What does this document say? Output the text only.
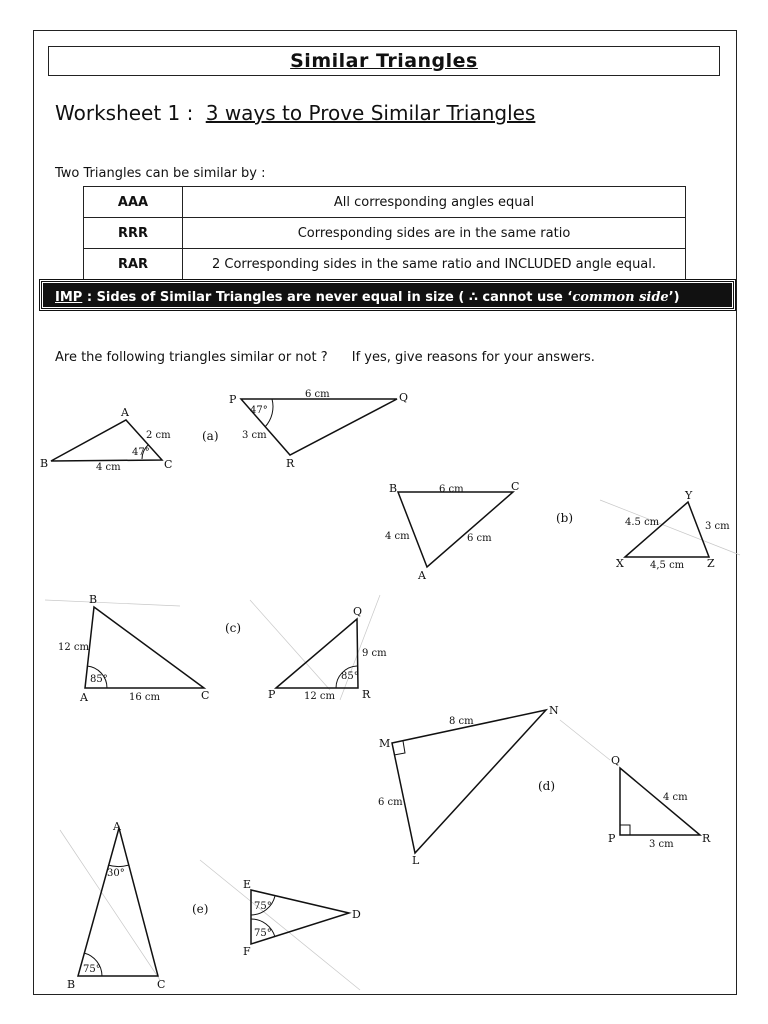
Similar Triangles
Worksheet 1 : 3 ways to Prove Similar Triangles
Two Triangles can be similar by :
AAA	All corresponding angles equal
RRR	Corresponding sides are in the same ratio
RAR	2 Corresponding sides in the same ratio and INCLUDED angle equal.
IMP : Sides of Similar Triangles are never equal in size ( ∴ cannot use ‘common side’)
Are the following triangles similar or not ? If yes, give reasons for your answers.
A
B	C
2 cm
4 cm
47°
(a)
P	Q
R
6 cm
3 cm
47°
B	C
A
6 cm
4 cm	6 cm
(b)
Y
X	Z
4.5 cm	3 cm
4,5 cm
B
A	C
12 cm
16 cm
85°
(c)
Q
P	R
9 cm
12 cm
85°
M
N
L
8 cm
6 cm
(d)
Q
P	R
4 cm
3 cm
A
B	C
30°
75°
(e)
E
F
D
75°
75°
